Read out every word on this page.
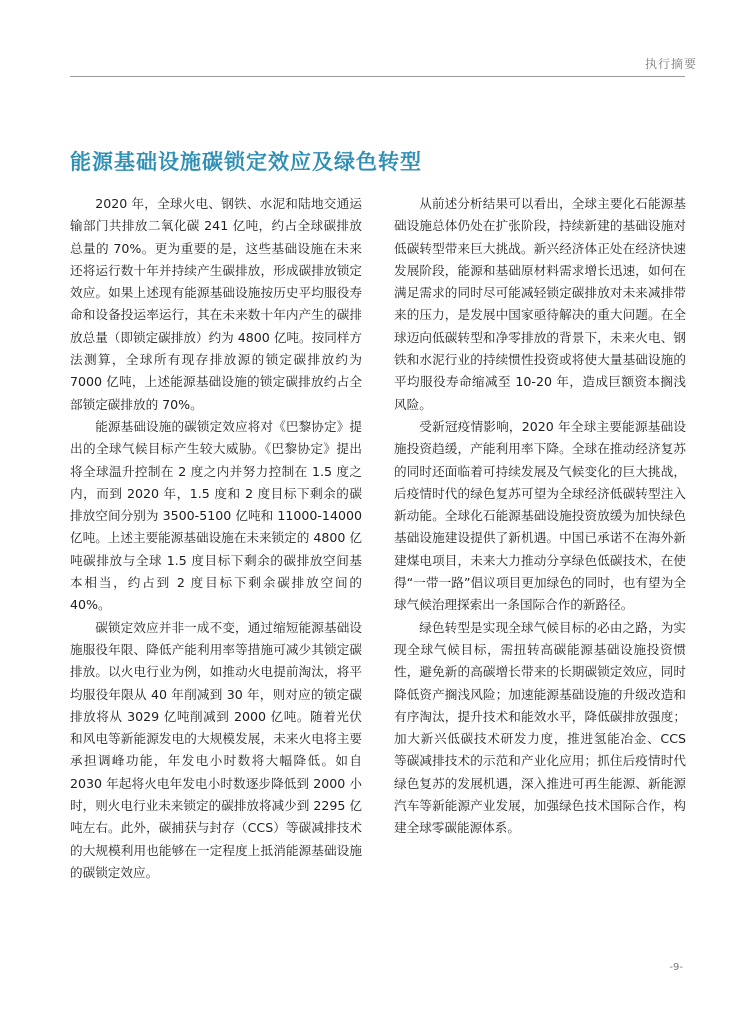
执行摘要
能源基础设施碳锁定效应及绿色转型

2020 年，全球火电、钢铁、水泥和陆地交通运输部门共排放二氧化碳 241 亿吨，约占全球碳排放总量的 70%。更为重要的是，这些基础设施在未来还将运行数十年并持续产生碳排放，形成碳排放锁定效应。如果上述现有能源基础设施按历史平均服役寿命和设备投运率运行，其在未来数十年内产生的碳排放总量（即锁定碳排放）约为 4800 亿吨。按同样方法测算，全球所有现存排放源的锁定碳排放约为 7000 亿吨，上述能源基础设施的锁定碳排放约占全部锁定碳排放的 70%。

能源基础设施的碳锁定效应将对《巴黎协定》提出的全球气候目标产生较大威胁。《巴黎协定》提出将全球温升控制在 2 度之内并努力控制在 1.5 度之内，而到 2020 年，1.5 度和 2 度目标下剩余的碳排放空间分别为 3500-5100 亿吨和 11000-14000 亿吨。上述主要能源基础设施在未来锁定的 4800 亿吨碳排放与全球 1.5 度目标下剩余的碳排放空间基本相当，约占到 2 度目标下剩余碳排放空间的 40%。

碳锁定效应并非一成不变，通过缩短能源基础设施服役年限、降低产能利用率等措施可减少其锁定碳排放。以火电行业为例，如推动火电提前淘汰，将平均服役年限从 40 年削减到 30 年，则对应的锁定碳排放将从 3029 亿吨削减到 2000 亿吨。随着光伏和风电等新能源发电的大规模发展，未来火电将主要承担调峰功能，年发电小时数将大幅降低。如自 2030 年起将火电年发电小时数逐步降低到 2000 小时，则火电行业未来锁定的碳排放将减少到 2295 亿吨左右。此外，碳捕获与封存（CCS）等碳减排技术的大规模利用也能够在一定程度上抵消能源基础设施的碳锁定效应。

从前述分析结果可以看出，全球主要化石能源基础设施总体仍处在扩张阶段，持续新建的基础设施对低碳转型带来巨大挑战。新兴经济体正处在经济快速发展阶段，能源和基础原材料需求增长迅速，如何在满足需求的同时尽可能减轻锁定碳排放对未来减排带来的压力，是发展中国家亟待解决的重大问题。在全球迈向低碳转型和净零排放的背景下，未来火电、钢铁和水泥行业的持续惯性投资或将使大量基础设施的平均服役寿命缩减至 10-20 年，造成巨额资本搁浅风险。

受新冠疫情影响，2020 年全球主要能源基础设施投资趋缓，产能利用率下降。全球在推动经济复苏的同时还面临着可持续发展及气候变化的巨大挑战，后疫情时代的绿色复苏可望为全球经济低碳转型注入新动能。全球化石能源基础设施投资放缓为加快绿色基础设施建设提供了新机遇。中国已承诺不在海外新建煤电项目，未来大力推动分享绿色低碳技术，在使得“一带一路”倡议项目更加绿色的同时，也有望为全球气候治理探索出一条国际合作的新路径。

绿色转型是实现全球气候目标的必由之路，为实现全球气候目标，需扭转高碳能源基础设施投资惯性，避免新的高碳增长带来的长期碳锁定效应，同时降低资产搁浅风险；加速能源基础设施的升级改造和有序淘汰，提升技术和能效水平，降低碳排放强度；加大新兴低碳技术研发力度，推进氢能冶金、CCS 等碳减排技术的示范和产业化应用；抓住后疫情时代绿色复苏的发展机遇，深入推进可再生能源、新能源汽车等新能源产业发展，加强绿色技术国际合作，构建全球零碳能源体系。

-9-
